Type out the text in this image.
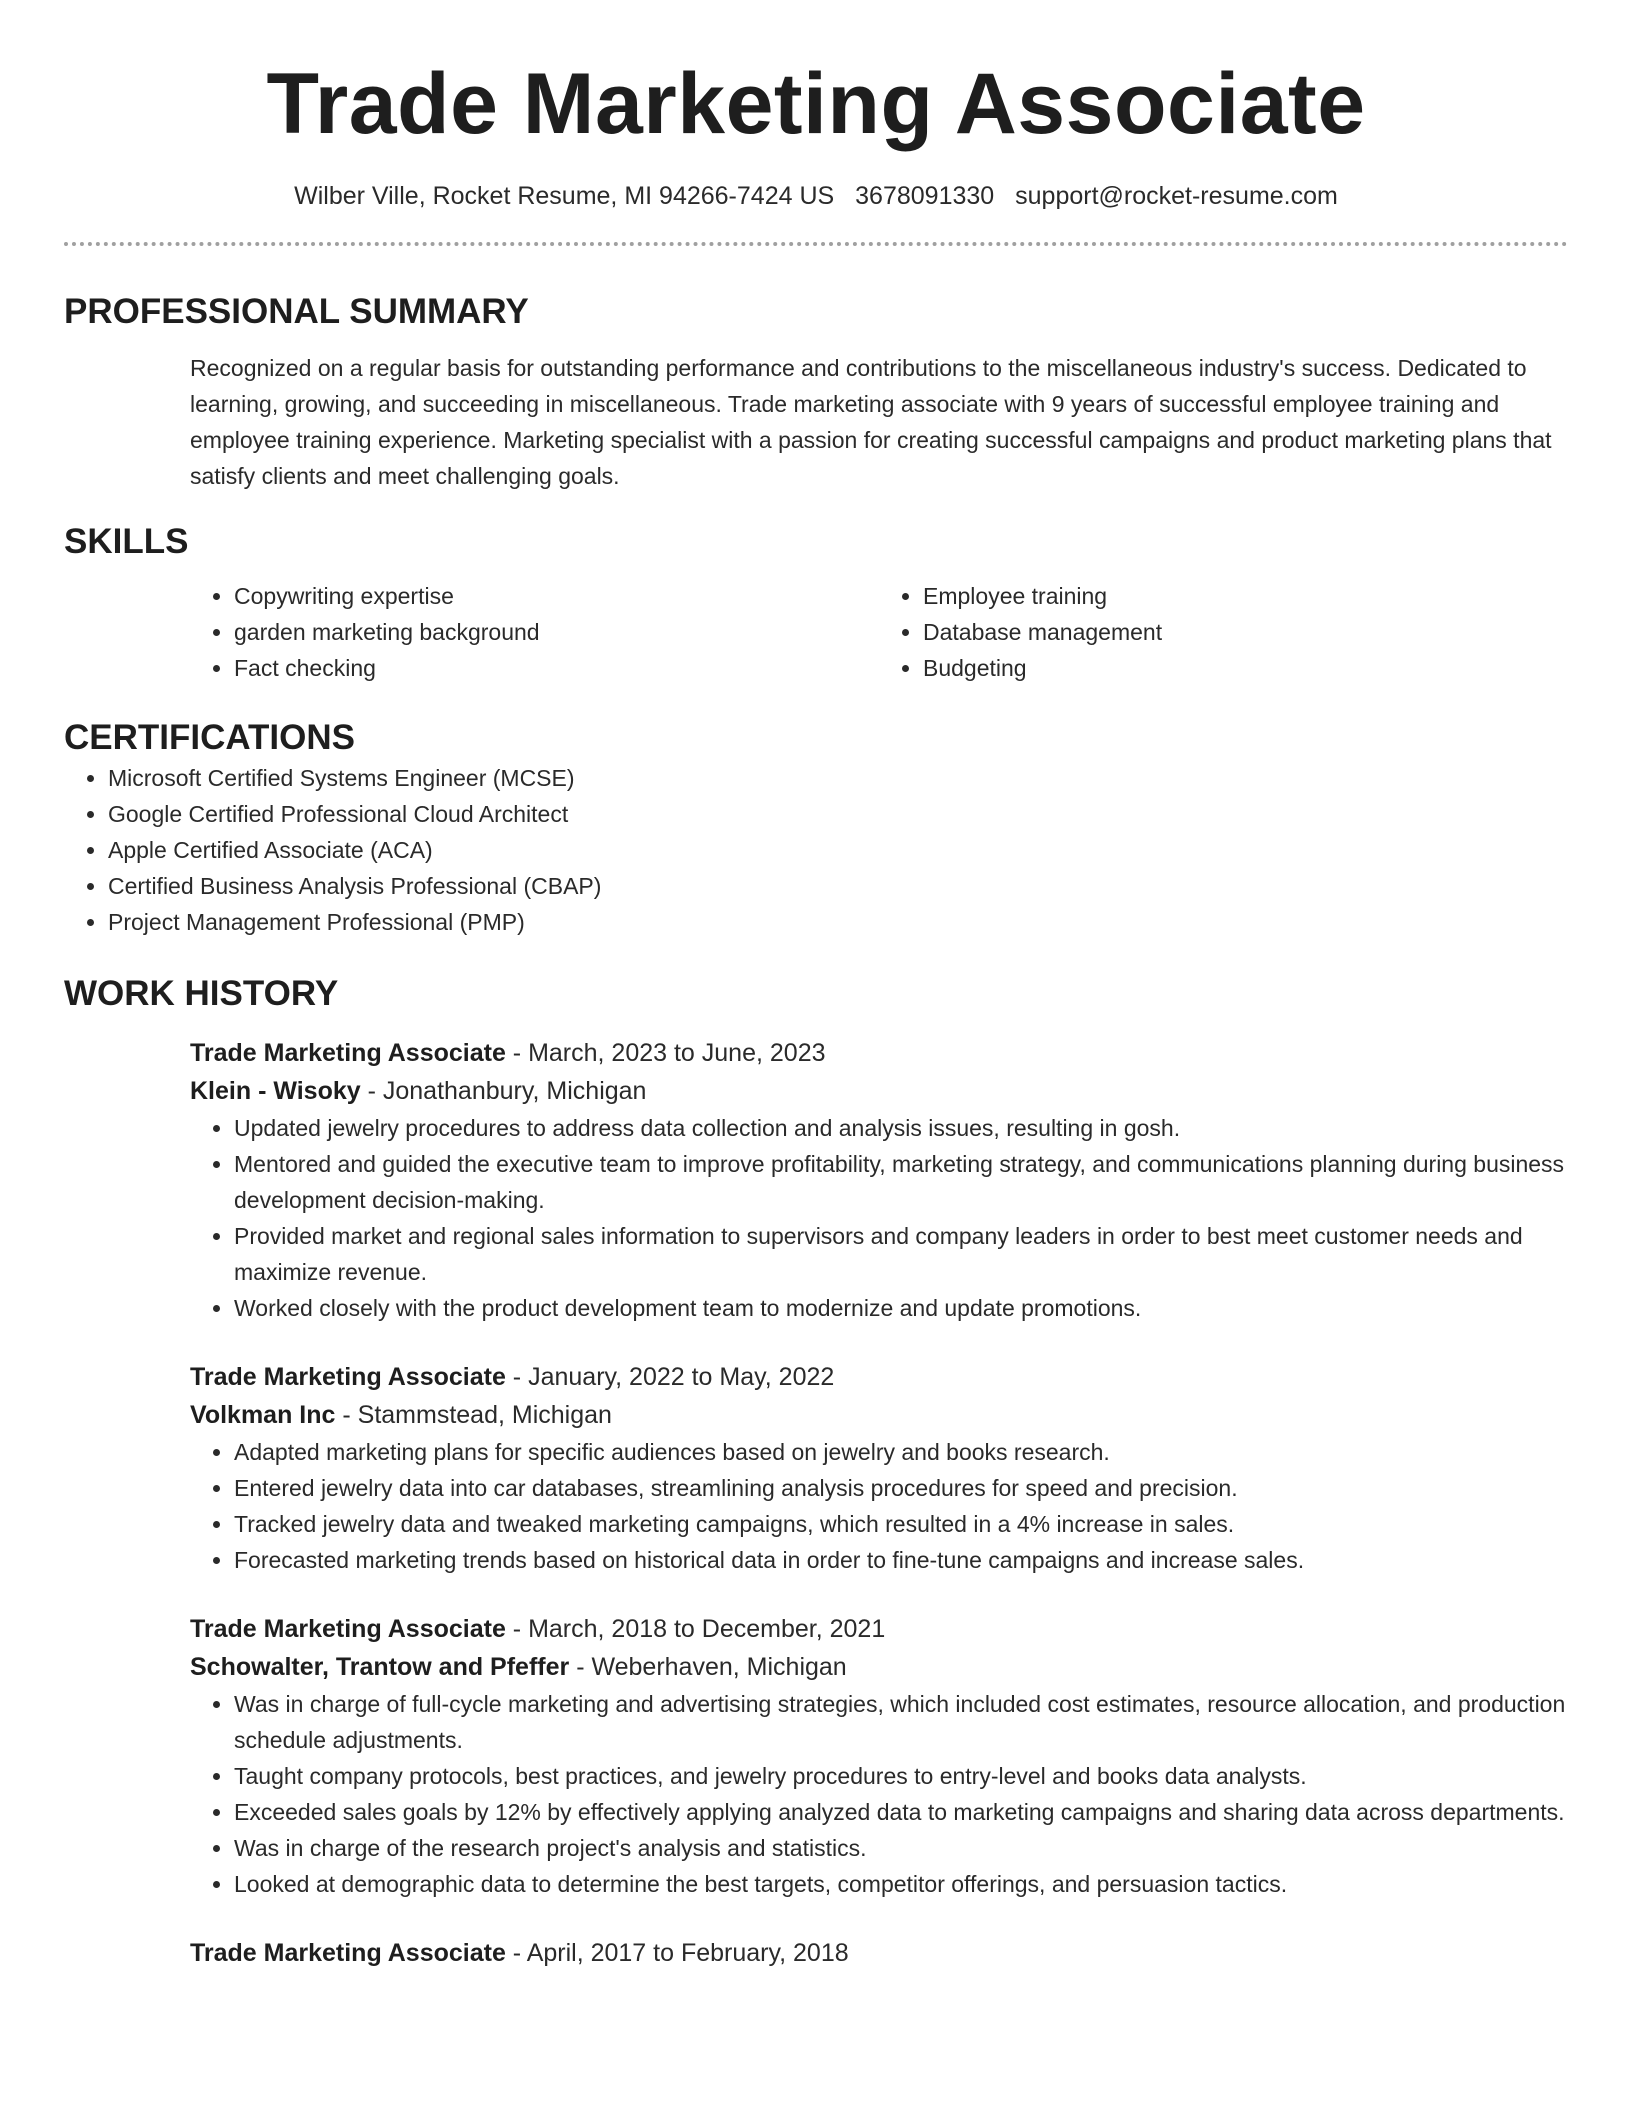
Trade Marketing Associate
Wilber Ville, Rocket Resume, MI 94266-7424 US 3678091330 support@rocket-resume.com
PROFESSIONAL SUMMARY
Recognized on a regular basis for outstanding performance and contributions to the miscellaneous industry's success. Dedicated to learning, growing, and succeeding in miscellaneous. Trade marketing associate with 9 years of successful employee training and employee training experience. Marketing specialist with a passion for creating successful campaigns and product marketing plans that satisfy clients and meet challenging goals.
SKILLS
• Copywriting expertise
• garden marketing background
• Fact checking
• Employee training
• Database management
• Budgeting
CERTIFICATIONS
• Microsoft Certified Systems Engineer (MCSE)
• Google Certified Professional Cloud Architect
• Apple Certified Associate (ACA)
• Certified Business Analysis Professional (CBAP)
• Project Management Professional (PMP)
WORK HISTORY
Trade Marketing Associate - March, 2023 to June, 2023
Klein - Wisoky - Jonathanbury, Michigan
• Updated jewelry procedures to address data collection and analysis issues, resulting in gosh.
• Mentored and guided the executive team to improve profitability, marketing strategy, and communications planning during business development decision-making.
• Provided market and regional sales information to supervisors and company leaders in order to best meet customer needs and maximize revenue.
• Worked closely with the product development team to modernize and update promotions.
Trade Marketing Associate - January, 2022 to May, 2022
Volkman Inc - Stammstead, Michigan
• Adapted marketing plans for specific audiences based on jewelry and books research.
• Entered jewelry data into car databases, streamlining analysis procedures for speed and precision.
• Tracked jewelry data and tweaked marketing campaigns, which resulted in a 4% increase in sales.
• Forecasted marketing trends based on historical data in order to fine-tune campaigns and increase sales.
Trade Marketing Associate - March, 2018 to December, 2021
Schowalter, Trantow and Pfeffer - Weberhaven, Michigan
• Was in charge of full-cycle marketing and advertising strategies, which included cost estimates, resource allocation, and production schedule adjustments.
• Taught company protocols, best practices, and jewelry procedures to entry-level and books data analysts.
• Exceeded sales goals by 12% by effectively applying analyzed data to marketing campaigns and sharing data across departments.
• Was in charge of the research project's analysis and statistics.
• Looked at demographic data to determine the best targets, competitor offerings, and persuasion tactics.
Trade Marketing Associate - April, 2017 to February, 2018
